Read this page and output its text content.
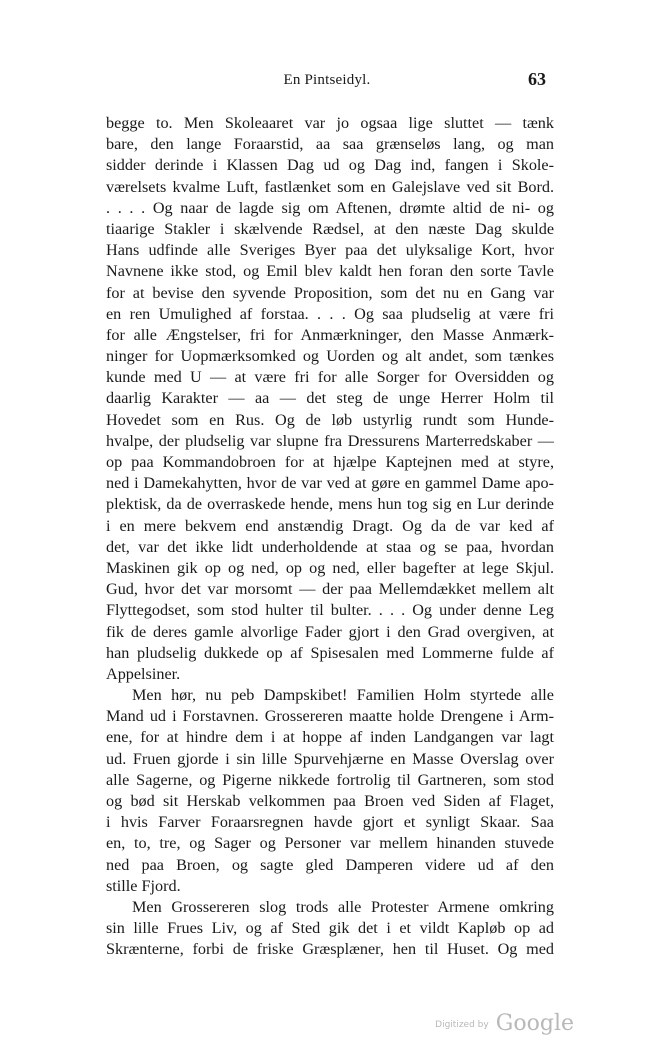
En Pintseidyl.	63
begge to. Men Skoleaaret var jo ogsaa lige sluttet — tænk
bare, den lange Foraarstid, aa saa grænseløs lang, og man
sidder derinde i Klassen Dag ud og Dag ind, fangen i Skole-
værelsets kvalme Luft, fastlænket som en Galejslave ved sit Bord.
. . . . Og naar de lagde sig om Aftenen, drømte altid de ni- og
tiaarige Stakler i skælvende Rædsel, at den næste Dag skulde
Hans udfinde alle Sveriges Byer paa det ulyksalige Kort, hvor
Navnene ikke stod, og Emil blev kaldt hen foran den sorte Tavle
for at bevise den syvende Proposition, som det nu en Gang var
en ren Umulighed af forstaa. . . . Og saa pludselig at være fri
for alle Ængstelser, fri for Anmærkninger, den Masse Anmærk-
ninger for Uopmærksomked og Uorden og alt andet, som tænkes
kunde med U — at være fri for alle Sorger for Oversidden og
daarlig Karakter — aa — det steg de unge Herrer Holm til
Hovedet som en Rus. Og de løb ustyrlig rundt som Hunde-
hvalpe, der pludselig var slupne fra Dressurens Marterredskaber —
op paa Kommandobroen for at hjælpe Kaptejnen med at styre,
ned i Damekahytten, hvor de var ved at gøre en gammel Dame apo-
plektisk, da de overraskede hende, mens hun tog sig en Lur derinde
i en mere bekvem end anstændig Dragt. Og da de var ked af
det, var det ikke lidt underholdende at staa og se paa, hvordan
Maskinen gik op og ned, op og ned, eller bagefter at lege Skjul.
Gud, hvor det var morsomt — der paa Mellemdækket mellem alt
Flyttegodset, som stod hulter til bulter. . . . Og under denne Leg
fik de deres gamle alvorlige Fader gjort i den Grad overgiven, at
han pludselig dukkede op af Spisesalen med Lommerne fulde af
Appelsiner.
Men hør, nu peb Dampskibet! Familien Holm styrtede alle
Mand ud i Forstavnen. Grossereren maatte holde Drengene i Arm-
ene, for at hindre dem i at hoppe af inden Landgangen var lagt
ud. Fruen gjorde i sin lille Spurvehjærne en Masse Overslag over
alle Sagerne, og Pigerne nikkede fortrolig til Gartneren, som stod
og bød sit Herskab velkommen paa Broen ved Siden af Flaget,
i hvis Farver Foraarsregnen havde gjort et synligt Skaar. Saa
en, to, tre, og Sager og Personer var mellem hinanden stuvede
ned paa Broen, og sagte gled Damperen videre ud af den
stille Fjord.
Men Grossereren slog trods alle Protester Armene omkring
sin lille Frues Liv, og af Sted gik det i et vildt Kapløb op ad
Skrænterne, forbi de friske Græsplæner, hen til Huset. Og med
Digitized by Google
